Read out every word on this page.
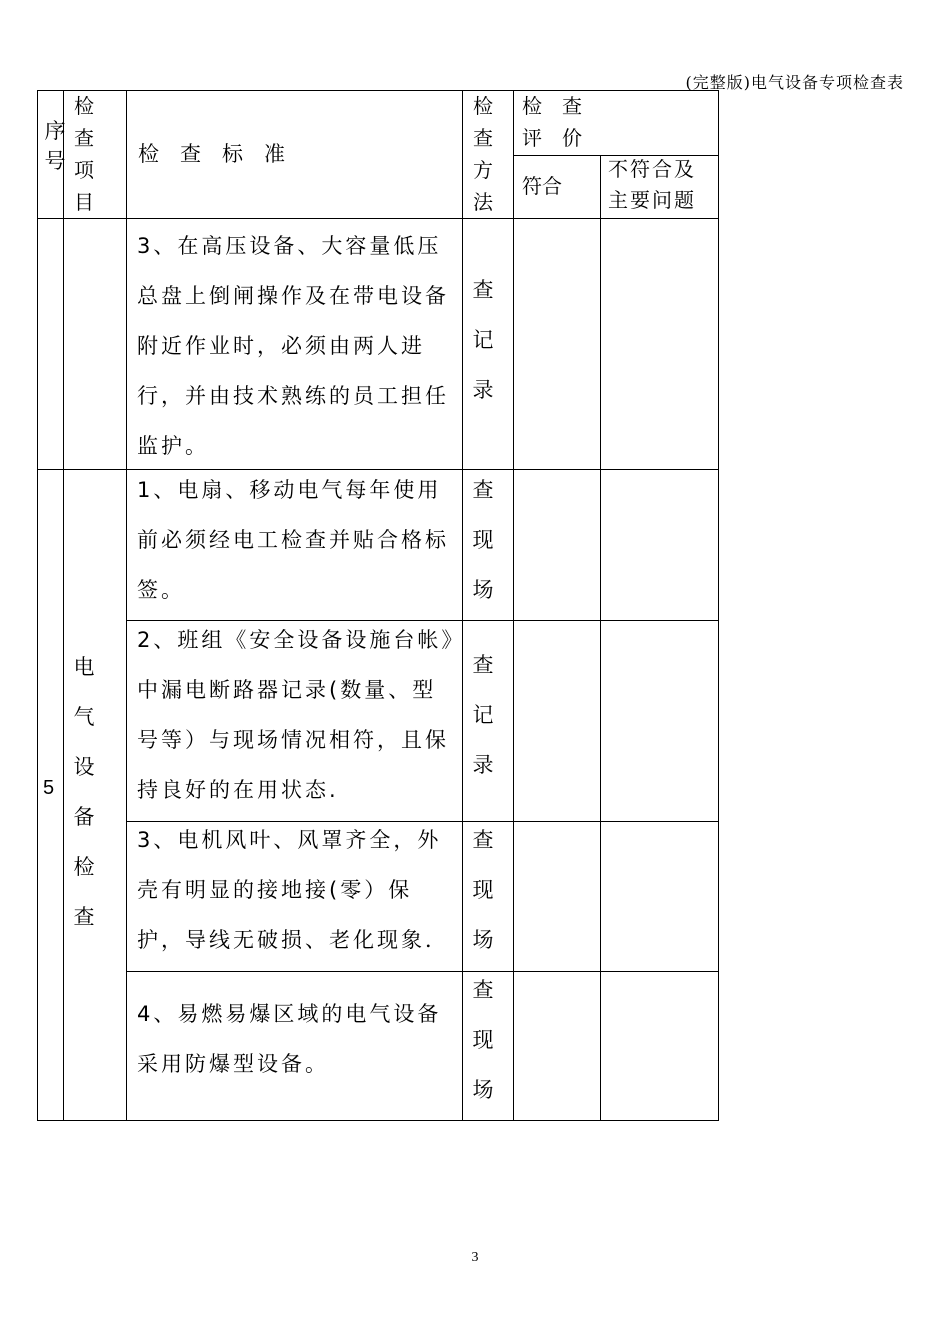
(完整版)电气设备专项检查表
序号
检查项目
检　查　标　准
检查方法
检　查
评　价
符合
不符合及主要问题
3、在高压设备、大容量低压总盘上倒闸操作及在带电设备附近作业时，必须由两人进行，并由技术熟练的员工担任监护。
查记录
5
电气设备检查
1、电扇、移动电气每年使用前必须经电工检查并贴合格标签。
查现场
2、班组《安全设备设施台帐》中漏电断路器记录(数量、型号等）与现场情况相符，且保持良好的在用状态.
查记录
3、电机风叶、风罩齐全，外壳有明显的接地接(零）保护，导线无破损、老化现象．
查现场
4、易燃易爆区域的电气设备采用防爆型设备。
查现场
3
